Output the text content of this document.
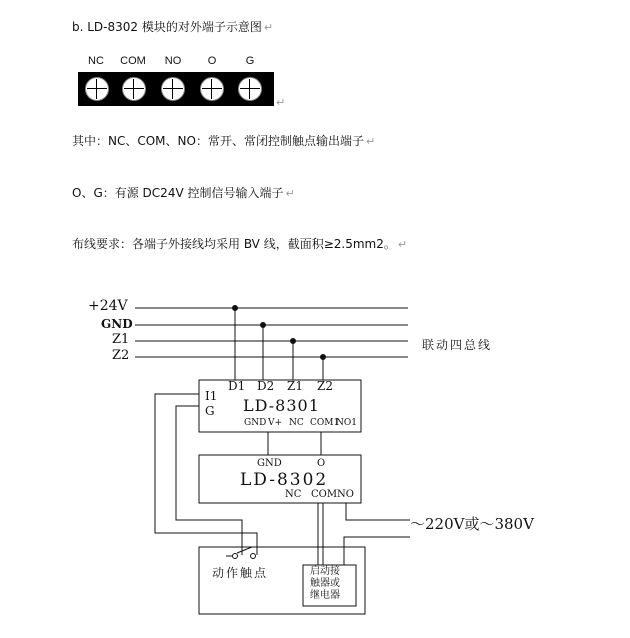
b. LD-8302 模块的对外端子示意图 ↵
NC	COM	NO	O	G
↵
其中：NC、COM、NO：常开、常闭控制触点输出端子 ↵
O、G：有源 DC24V 控制信号输入端子 ↵
布线要求：各端子外接线均采用 BV 线，截面积≥2.5mm2。 ↵
+24V
GND
Z1
Z2
联动四总线
D1 D2 Z1 Z2
I1
G LD-8301
GND V+ NC COM1
NO1
GND	O
LD-8302
NC COM NO
～220V或～380V
动作触点	启动接
触器或
继电器
